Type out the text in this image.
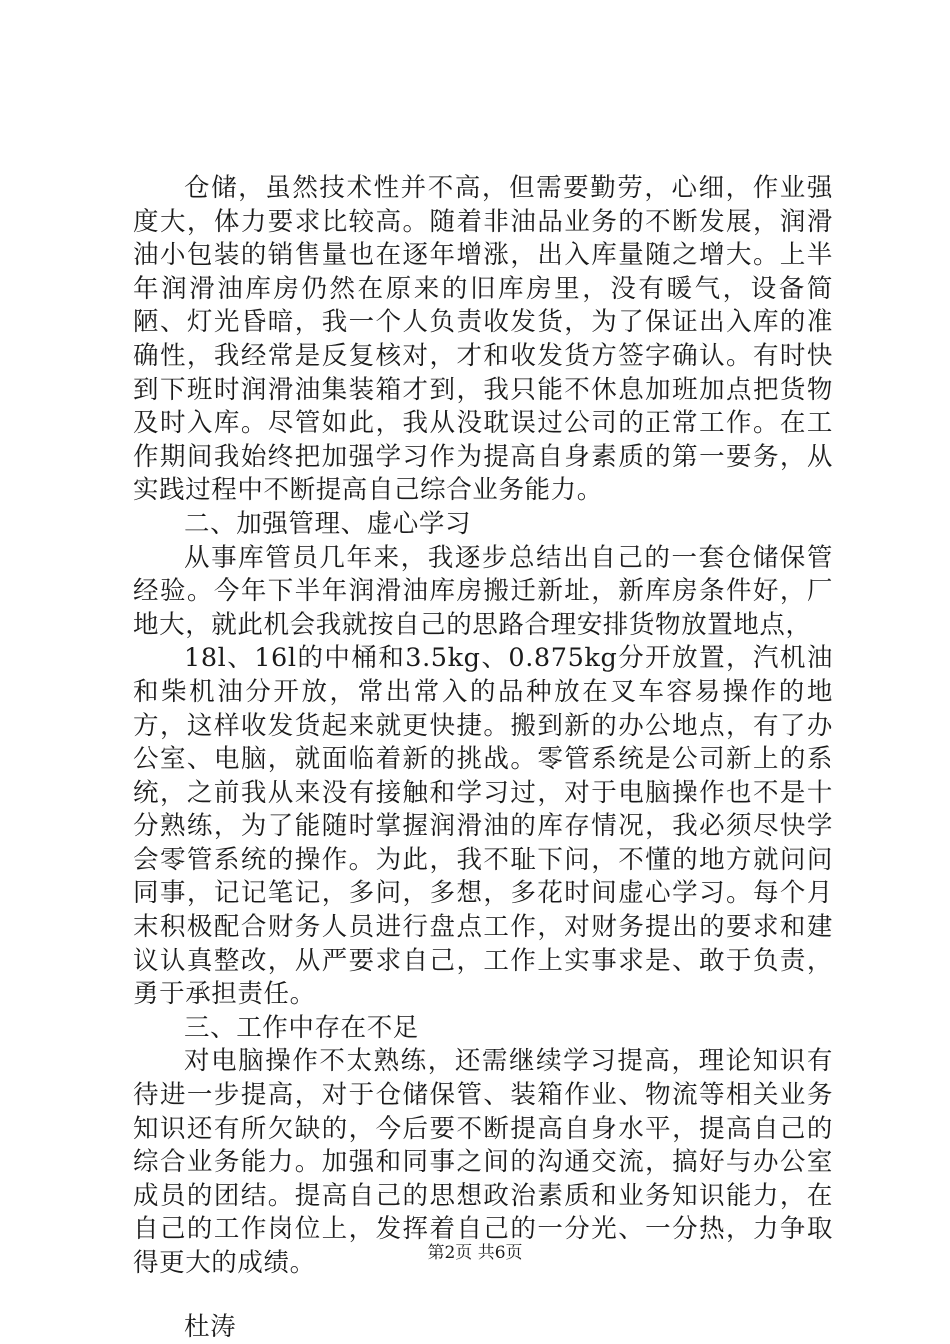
仓储，虽然技术性并不高，但需要勤劳，心细，作业强度大，体力要求比较高。随着非油品业务的不断发展，润滑油小包装的销售量也在逐年增涨，出入库量随之增大。上半年润滑油库房仍然在原来的旧库房里，没有暖气，设备简陋、灯光昏暗，我一个人负责收发货，为了保证出入库的准确性，我经常是反复核对，才和收发货方签字确认。有时快到下班时润滑油集装箱才到，我只能不休息加班加点把货物及时入库。尽管如此，我从没耽误过公司的正常工作。在工作期间我始终把加强学习作为提高自身素质的第一要务，从实践过程中不断提高自己综合业务能力。

二、加强管理、虚心学习

从事库管员几年来，我逐步总结出自己的一套仓储保管经验。今年下半年润滑油库房搬迁新址，新库房条件好，厂地大，就此机会我就按自己的思路合理安排货物放置地点，

18l、16l的中桶和3.5kg、0.875kg分开放置，汽机油和柴机油分开放，常出常入的品种放在叉车容易操作的地方，这样收发货起来就更快捷。搬到新的办公地点，有了办公室、电脑，就面临着新的挑战。零管系统是公司新上的系统，之前我从来没有接触和学习过，对于电脑操作也不是十分熟练，为了能随时掌握润滑油的库存情况，我必须尽快学会零管系统的操作。为此，我不耻下问，不懂的地方就问问同事，记记笔记，多问，多想，多花时间虚心学习。每个月末积极配合财务人员进行盘点工作，对财务提出的要求和建议认真整改，从严要求自己，工作上实事求是、敢于负责，勇于承担责任。

三、工作中存在不足

对电脑操作不太熟练，还需继续学习提高，理论知识有待进一步提高，对于仓储保管、装箱作业、物流等相关业务知识还有所欠缺的，今后要不断提高自身水平，提高自己的综合业务能力。加强和同事之间的沟通交流，搞好与办公室成员的团结。提高自己的思想政治素质和业务知识能力，在自己的工作岗位上，发挥着自己的一分光、一分热，力争取得更大的成绩。

杜涛

第2页 共6页
